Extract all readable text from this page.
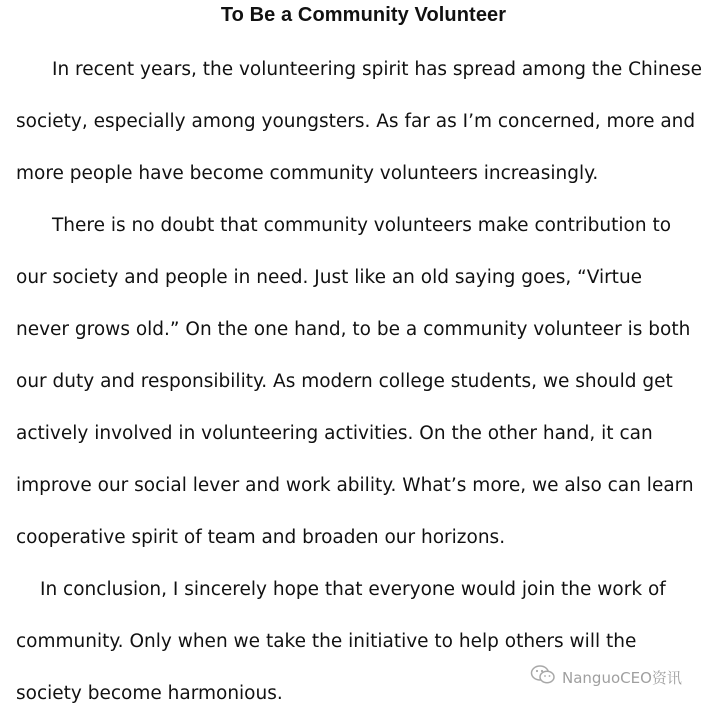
To Be a Community Volunteer
In recent years, the volunteering spirit has spread among the Chinese
society, especially among youngsters. As far as I’m concerned, more and
more people have become community volunteers increasingly.
There is no doubt that community volunteers make contribution to
our society and people in need. Just like an old saying goes, “Virtue
never grows old.” On the one hand, to be a community volunteer is both
our duty and responsibility. As modern college students, we should get
actively involved in volunteering activities. On the other hand, it can
improve our social lever and work ability. What’s more, we also can learn
cooperative spirit of team and broaden our horizons.
In conclusion, I sincerely hope that everyone would join the work of
community. Only when we take the initiative to help others will the
society become harmonious.
NanguoCEO资讯
